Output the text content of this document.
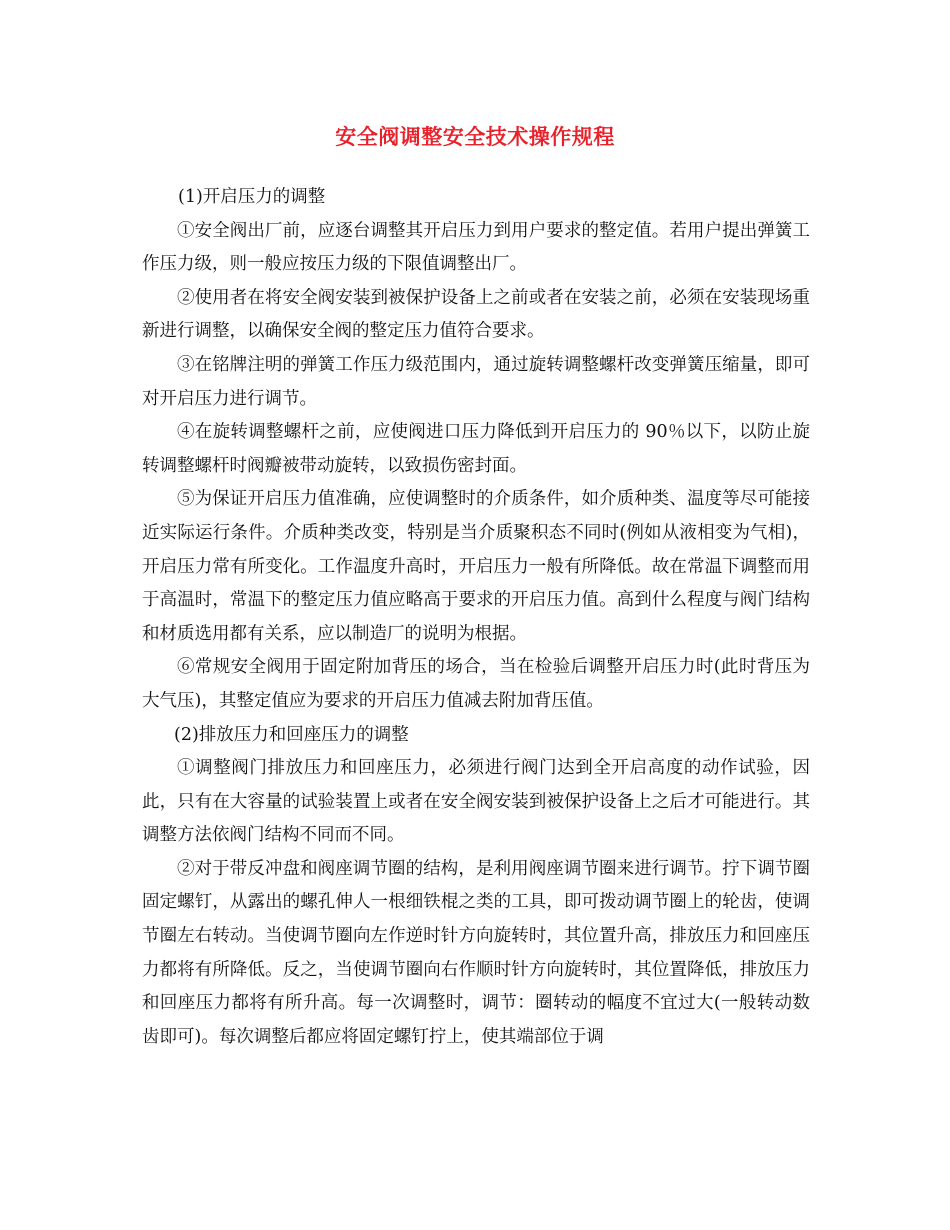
安全阀调整安全技术操作规程

(1)开启压力的调整

①安全阀出厂前，应逐台调整其开启压力到用户要求的整定值。若用户提出弹簧工作压力级，则一般应按压力级的下限值调整出厂。

②使用者在将安全阀安装到被保护设备上之前或者在安装之前，必须在安装现场重新进行调整，以确保安全阀的整定压力值符合要求。

③在铭牌注明的弹簧工作压力级范围内，通过旋转调整螺杆改变弹簧压缩量，即可对开启压力进行调节。

④在旋转调整螺杆之前，应使阀进口压力降低到开启压力的 90％以下，以防止旋转调整螺杆时阀瓣被带动旋转，以致损伤密封面。

⑤为保证开启压力值准确，应使调整时的介质条件，如介质种类、温度等尽可能接近实际运行条件。介质种类改变，特别是当介质聚积态不同时(例如从液相变为气相)，开启压力常有所变化。工作温度升高时，开启压力一般有所降低。故在常温下调整而用于高温时，常温下的整定压力值应略高于要求的开启压力值。高到什么程度与阀门结构和材质选用都有关系，应以制造厂的说明为根据。

⑥常规安全阀用于固定附加背压的场合，当在检验后调整开启压力时(此时背压为大气压)，其整定值应为要求的开启压力值减去附加背压值。

(2)排放压力和回座压力的调整

①调整阀门排放压力和回座压力，必须进行阀门达到全开启高度的动作试验，因此，只有在大容量的试验装置上或者在安全阀安装到被保护设备上之后才可能进行。其调整方法依阀门结构不同而不同。

②对于带反冲盘和阀座调节圈的结构，是利用阀座调节圈来进行调节。拧下调节圈固定螺钉，从露出的螺孔伸人一根细铁棍之类的工具，即可拨动调节圈上的轮齿，使调节圈左右转动。当使调节圈向左作逆时针方向旋转时，其位置升高，排放压力和回座压力都将有所降低。反之，当使调节圈向右作顺时针方向旋转时，其位置降低，排放压力和回座压力都将有所升高。每一次调整时，调节：圈转动的幅度不宜过大(一般转动数齿即可)。每次调整后都应将固定螺钉拧上，使其端部位于调
